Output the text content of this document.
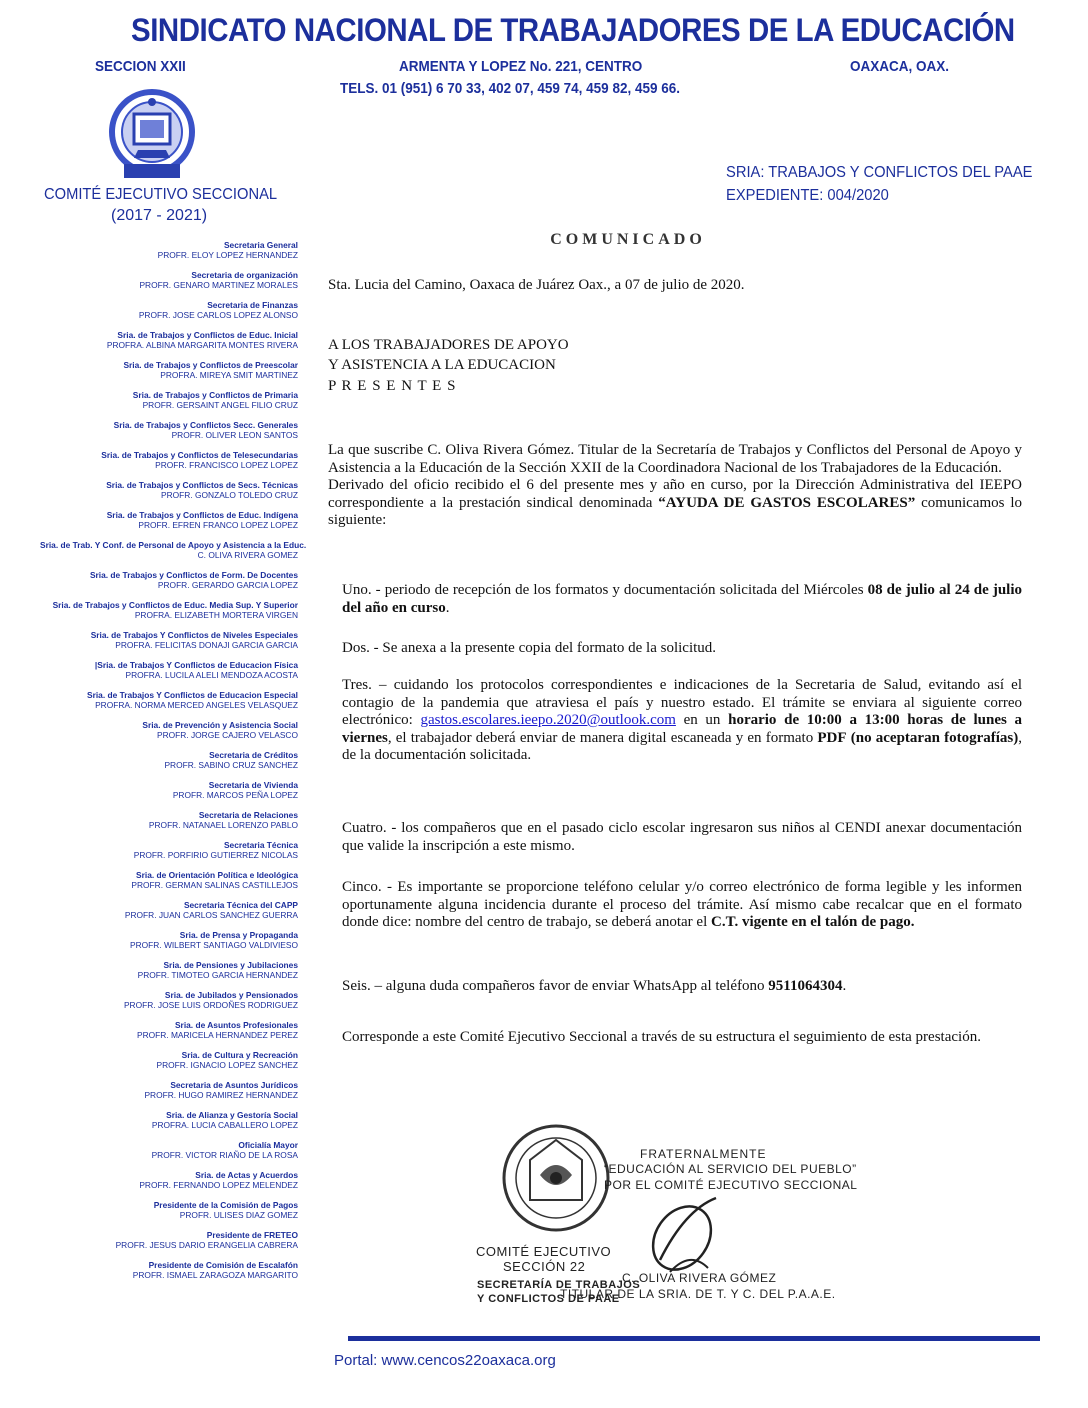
SINDICATO NACIONAL DE TRABAJADORES DE LA EDUCACIÓN
SECCION XXII	ARMENTA Y LOPEZ No. 221, CENTRO	OAXACA, OAX.
TELS. 01 (951) 6 70 33, 402 07, 459 74, 459 82, 459 66.
COMITÉ EJECUTIVO SECCIONAL
(2017 - 2021)
SRIA: TRABAJOS Y CONFLICTOS DEL PAAE
EXPEDIENTE: 004/2020
Secretaria General
PROFR. ELOY LOPEZ HERNANDEZ
Secretaria de organización
PROFR. GENARO MARTINEZ MORALES
Secretaria de Finanzas
PROFR. JOSE CARLOS LOPEZ ALONSO
Sria. de Trabajos y Conflictos de Educ. Inicial
PROFRA. ALBINA MARGARITA MONTES RIVERA
Sria. de Trabajos y Conflictos de Preescolar
PROFRA. MIREYA SMIT MARTINEZ
Sria. de Trabajos y Conflictos de Primaria
PROFR. GERSAINT ANGEL FILIO CRUZ
Sria. de Trabajos y Conflictos Secc. Generales
PROFR. OLIVER LEON SANTOS
Sria. de Trabajos y Conflictos de Telesecundarias
PROFR. FRANCISCO LOPEZ LOPEZ
Sria. de Trabajos y Conflictos de Secs. Técnicas
PROFR. GONZALO TOLEDO CRUZ
Sria. de Trabajos y Conflictos de Educ. Indígena
PROFR. EFREN FRANCO LOPEZ LOPEZ
Sria. de Trab. Y Conf. de Personal de Apoyo y Asistencia a la Educ.
C. OLIVA RIVERA GOMEZ
Sria. de Trabajos y Conflictos de Form. De Docentes
PROFR. GERARDO GARCIA LOPEZ
Sria. de Trabajos y Conflictos de Educ. Media Sup. Y Superior
PROFRA. ELIZABETH MORTERA VIRGEN
Sria. de Trabajos Y Conflictos de Niveles Especiales
PROFRA. FELICITAS DONAJI GARCIA GARCIA
|Sria. de Trabajos Y Conflictos de Educacion Física
PROFRA. LUCILA ALELI MENDOZA ACOSTA
Sria. de Trabajos Y Conflictos de Educacion Especial
PROFRA. NORMA MERCED ANGELES VELASQUEZ
Sria. de Prevención y Asistencia Social
PROFR. JORGE CAJERO VELASCO
Secretaria de Créditos
PROFR. SABINO CRUZ SANCHEZ
Secretaria de Vivienda
PROFR. MARCOS PEÑA LOPEZ
Secretaria de Relaciones
PROFR. NATANAEL LORENZO PABLO
Secretaria Técnica
PROFR. PORFIRIO GUTIERREZ NICOLAS
Sria. de Orientación Política e Ideológica
PROFR. GERMAN SALINAS CASTILLEJOS
Secretaria Técnica del CAPP
PROFR. JUAN CARLOS SANCHEZ GUERRA
Sria. de Prensa y Propaganda
PROFR. WILBERT SANTIAGO VALDIVIESO
Sria. de Pensiones y Jubilaciones
PROFR. TIMOTEO GARCIA HERNANDEZ
Sria. de Jubilados y Pensionados
PROFR. JOSE LUIS ORDOÑES RODRIGUEZ
Sria. de Asuntos Profesionales
PROFR. MARICELA HERNANDEZ PEREZ
Sria. de Cultura y Recreación
PROFR. IGNACIO LOPEZ SANCHEZ
Secretaria de Asuntos Jurídicos
PROFR. HUGO RAMIREZ HERNANDEZ
Sria. de Alianza y Gestoría Social
PROFRA. LUCIA CABALLERO LOPEZ
Oficialía Mayor
PROFR. VICTOR RIAÑO DE LA ROSA
Sria. de Actas y Acuerdos
PROFR. FERNANDO LOPEZ MELENDEZ
Presidente de la Comisión de Pagos
PROFR. ULISES DIAZ GOMEZ
Presidente de FRETEO
PROFR. JESUS DARIO ERANGELIA CABRERA
Presidente de Comisión de Escalafón
PROFR. ISMAEL ZARAGOZA MARGARITO
COMUNICADO
Sta. Lucia del Camino, Oaxaca de Juárez Oax., a 07 de julio de 2020.
A LOS TRABAJADORES DE APOYO
Y ASISTENCIA A LA EDUCACION
P R E S E N T E S

La que suscribe C. Oliva Rivera Gómez. Titular de la Secretaría de Trabajos y Conflictos del Personal de Apoyo y Asistencia a la Educación de la Sección XXII de la Coordinadora Nacional de los Trabajadores de la Educación.

Derivado del oficio recibido el 6 del presente mes y año en curso, por la Dirección Administrativa del IEEPO correspondiente a la prestación sindical denominada “AYUDA DE GASTOS ESCOLARES” comunicamos lo siguiente:

Uno. - periodo de recepción de los formatos y documentación solicitada del Miércoles 08 de julio al 24 de julio del año en curso.
Dos. - Se anexa a la presente copia del formato de la solicitud.
Tres. – cuidando los protocolos correspondientes e indicaciones de la Secretaria de Salud, evitando así el contagio de la pandemia que atraviesa el país y nuestro estado. El trámite se enviara al siguiente correo electrónico: gastos.escolares.ieepo.2020@outlook.com en un horario de 10:00 a 13:00 horas de lunes a viernes, el trabajador deberá enviar de manera digital escaneada y en formato PDF (no aceptaran fotografías), de la documentación solicitada.
Cuatro. - los compañeros que en el pasado ciclo escolar ingresaron sus niños al CENDI anexar documentación que valide la inscripción a este mismo.
Cinco. - Es importante se proporcione teléfono celular y/o correo electrónico de forma legible y les informen oportunamente alguna incidencia durante el proceso del trámite. Así mismo cabe recalcar que en el formato donde dice: nombre del centro de trabajo, se deberá anotar el C.T. vigente en el talón de pago.
Seis. – alguna duda compañeros favor de enviar WhatsApp al teléfono 9511064304.
Corresponde a este Comité Ejecutivo Seccional a través de su estructura el seguimiento de esta prestación.
FRATERNALMENTE
“EDUCACIÓN AL SERVICIO DEL PUEBLO”
POR EL COMITÉ EJECUTIVO SECCIONAL
COMITÉ EJECUTIVO
SECCIÓN 22
SECRETARÍA DE TRABAJOS
Y CONFLICTOS DE PAAE
C. OLIVA RIVERA GÓMEZ
TITULAR DE LA SRIA. DE T. Y C. DEL P.A.A.E.
Portal: www.cencos22oaxaca.org
